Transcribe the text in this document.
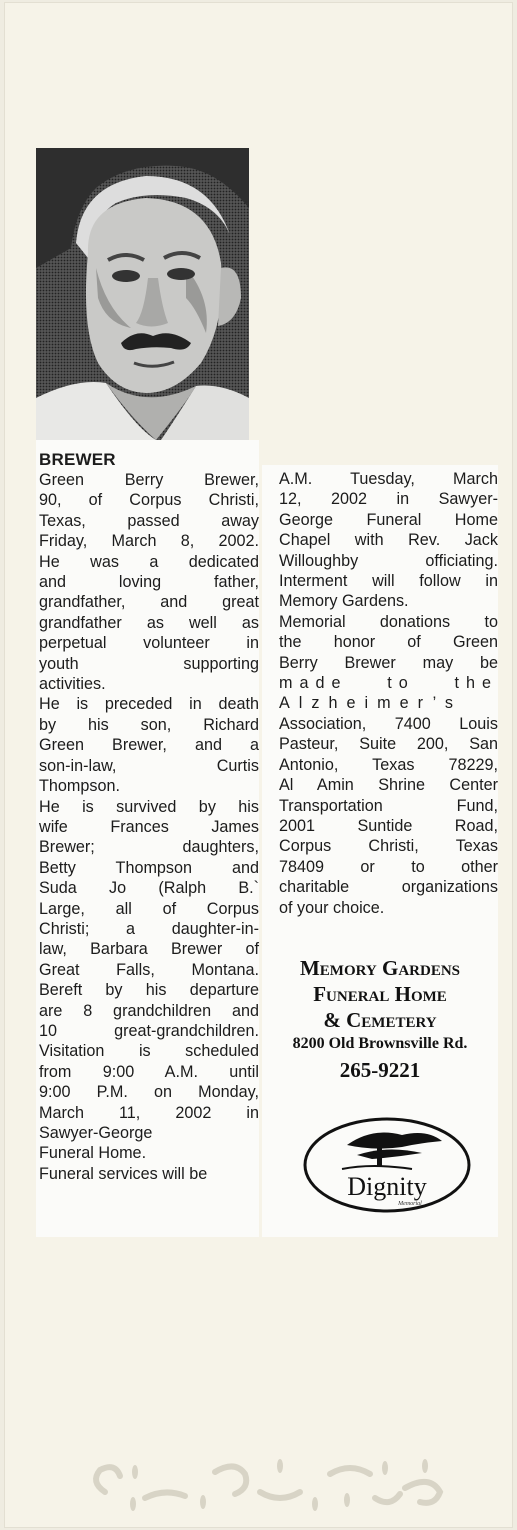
BREWER
Green Berry Brewer,
90, of Corpus Christi,
Texas, passed away
Friday, March 8, 2002.
He was a dedicated
and loving father,
grandfather, and great
grandfather as well as
perpetual volunteer in
youth supporting
activities.
He is preceded in death
by his son, Richard
Green Brewer, and a
son-in-law, Curtis
Thompson.
He is survived by his
wife Frances James
Brewer; daughters,
Betty Thompson and
Suda Jo (Ralph B.`
Large, all of Corpus
Christi; a daughter-in-
law, Barbara Brewer of
Great Falls, Montana.
Bereft by his departure
are 8 grandchildren and
10 great-grandchildren.
Visitation is scheduled
from 9:00 A.M. until
9:00 P.M. on Monday,
March 11, 2002 in
Sawyer-George
Funeral Home.
Funeral services will be
A.M. Tuesday, March
12, 2002 in Sawyer-
George Funeral Home
Chapel with Rev. Jack
Willoughby officiating.
Interment will follow in
Memory Gardens.
Memorial donations to
the honor of Green
Berry Brewer may be
made to the
Alzheimer’s
Association, 7400 Louis
Pasteur, Suite 200, San
Antonio, Texas 78229,
Al Amin Shrine Center
Transportation Fund,
2001 Suntide Road,
Corpus Christi, Texas
78409 or to other
charitable organizations
of your choice.
Memory Gardens
Funeral Home
& Cemetery
8200 Old Brownsville Rd.
265-9221
Dignity
Memorial
